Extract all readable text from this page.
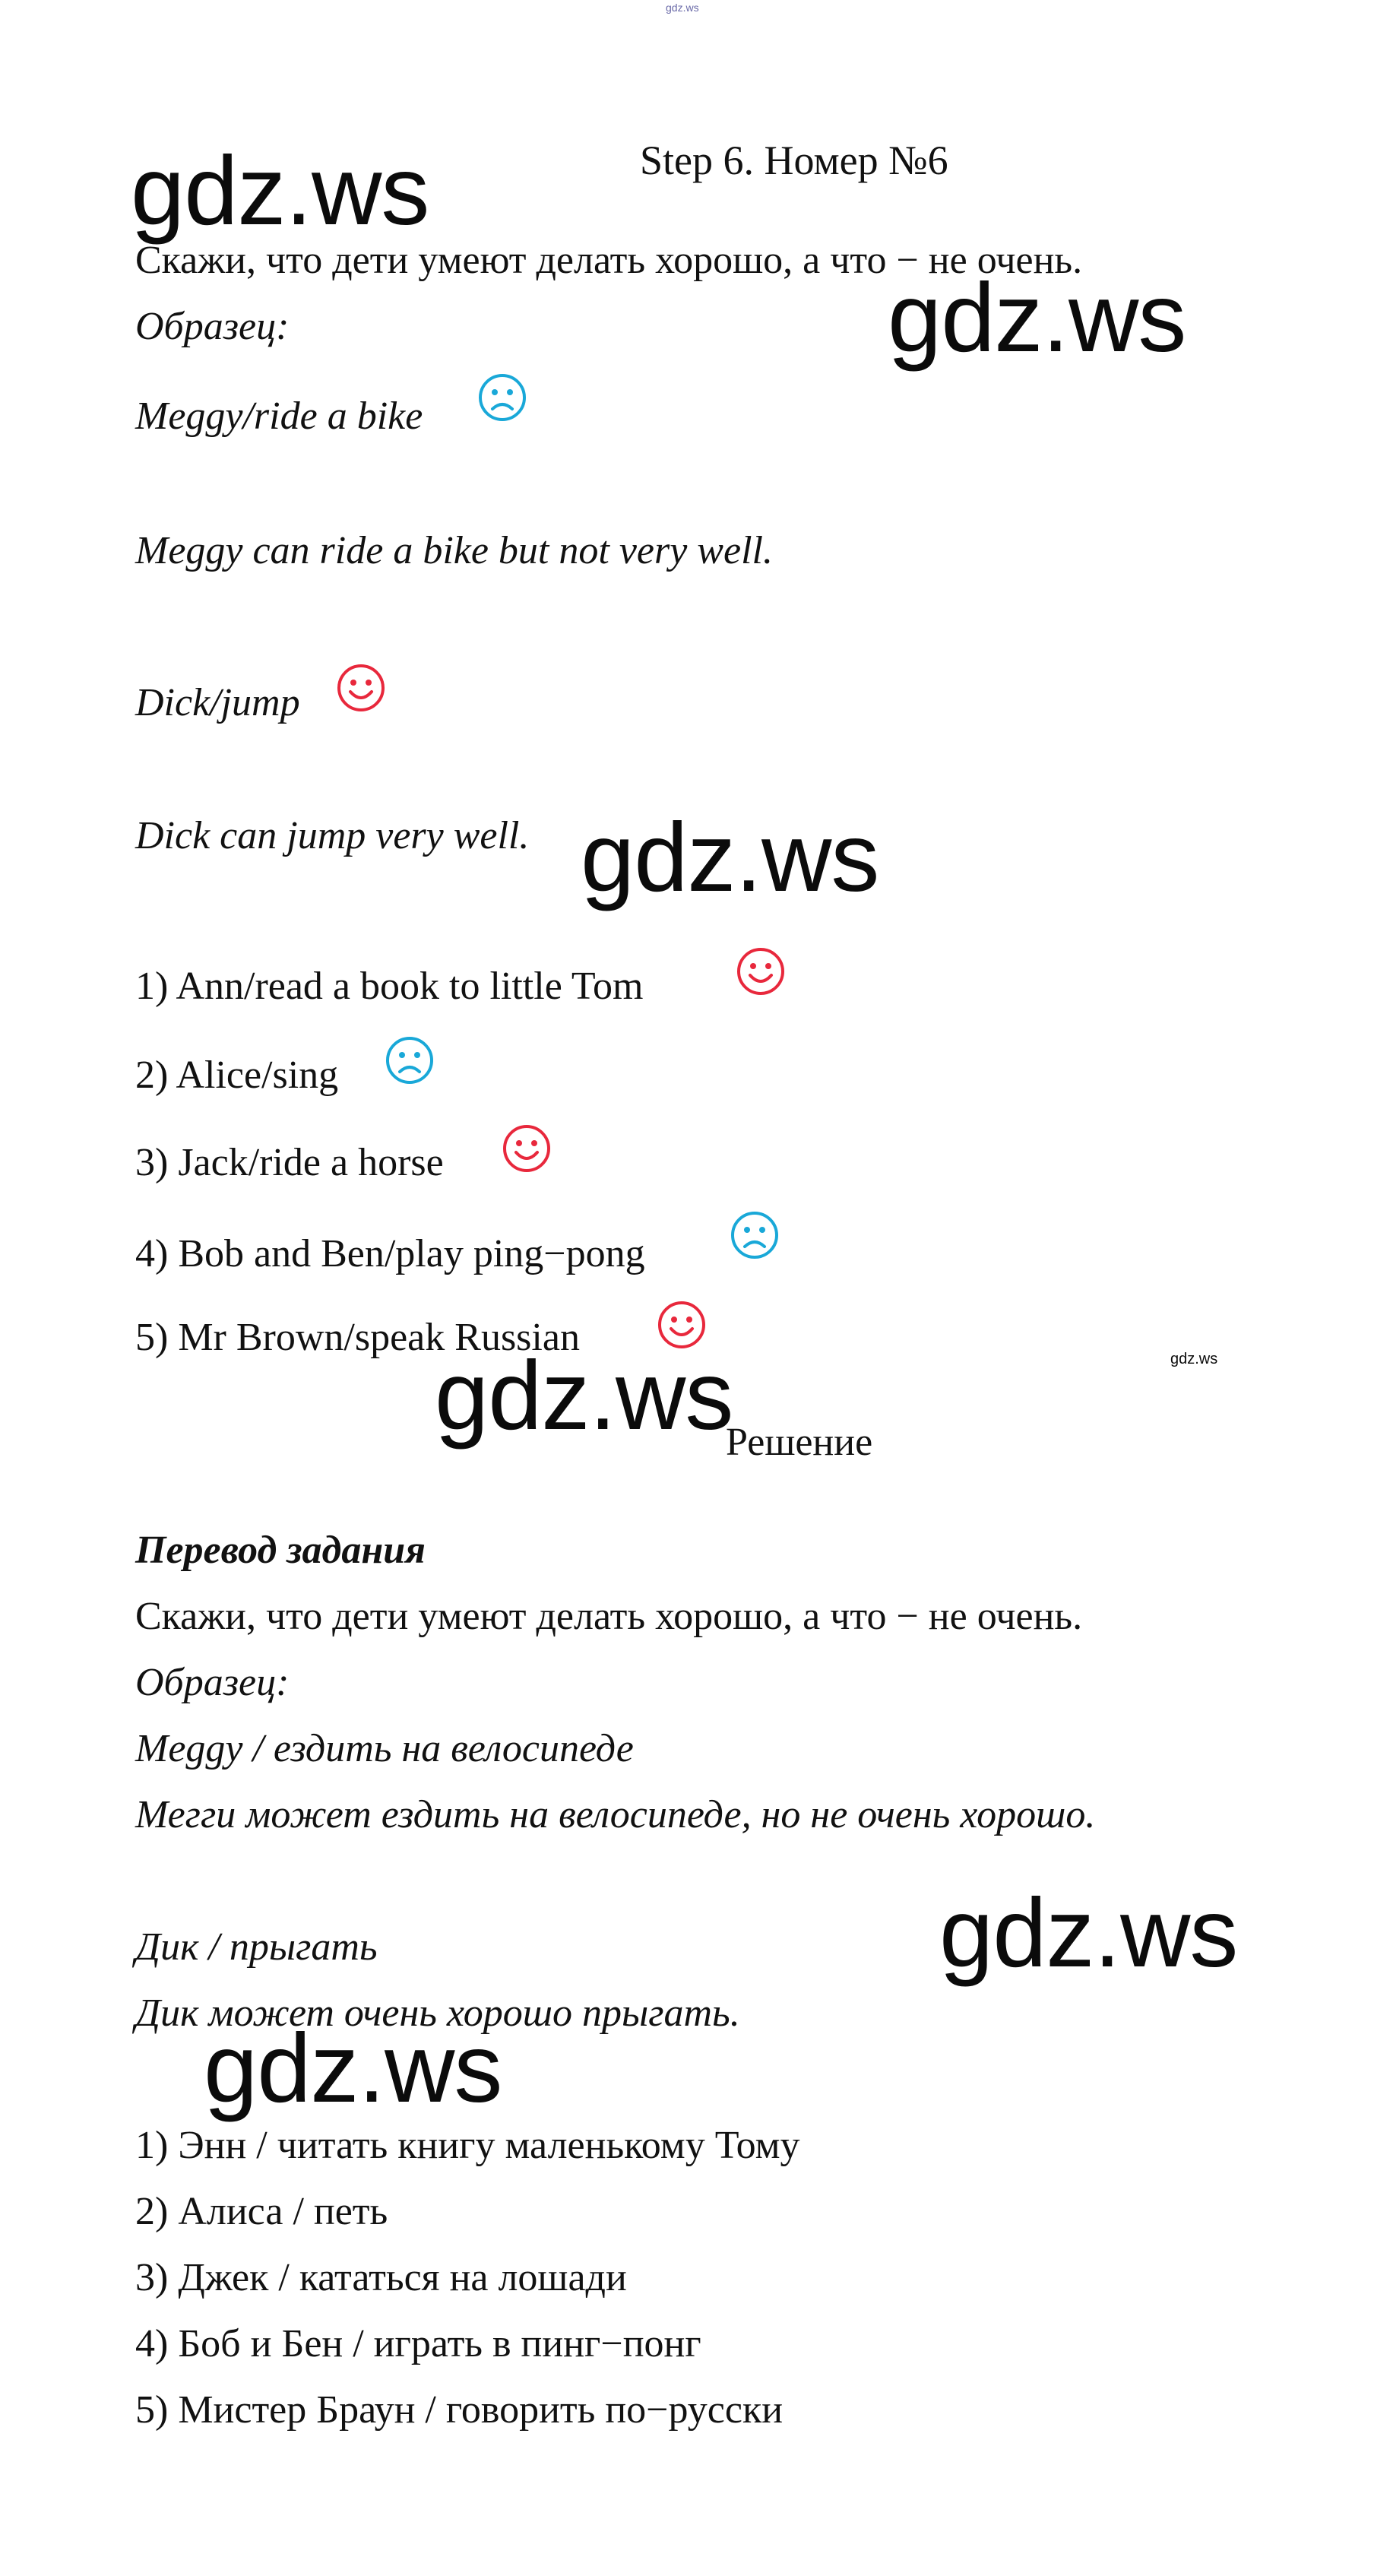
gdz.ws
Step 6. Номер №6
gdz.ws
gdz.ws
gdz.ws
gdz.ws	gdz.ws
gdz.ws
gdz.ws
Скажи, что дети умеют делать хорошо, а что − не очень.
Образец:
Meggy/ride a bike
Meggy can ride a bike but not very well.
Dick/jump
Dick can jump very well.
1) Ann/read a book to little Tom
2) Alice/sing
3) Jack/ride a horse
4) Bob and Ben/play ping−pong
5) Mr Brown/speak Russian
Решение
Перевод задания
Скажи, что дети умеют делать хорошо, а что − не очень.
Образец:
Meggy / ездить на велосипеде
Мегги может ездить на велосипеде, но не очень хорошо.
Дик / прыгать
Дик может очень хорошо прыгать.
1) Энн / читать книгу маленькому Тому
2) Алиса / петь
3) Джек / кататься на лошади
4) Боб и Бен / играть в пинг−понг
5) Мистер Браун / говорить по−русски
